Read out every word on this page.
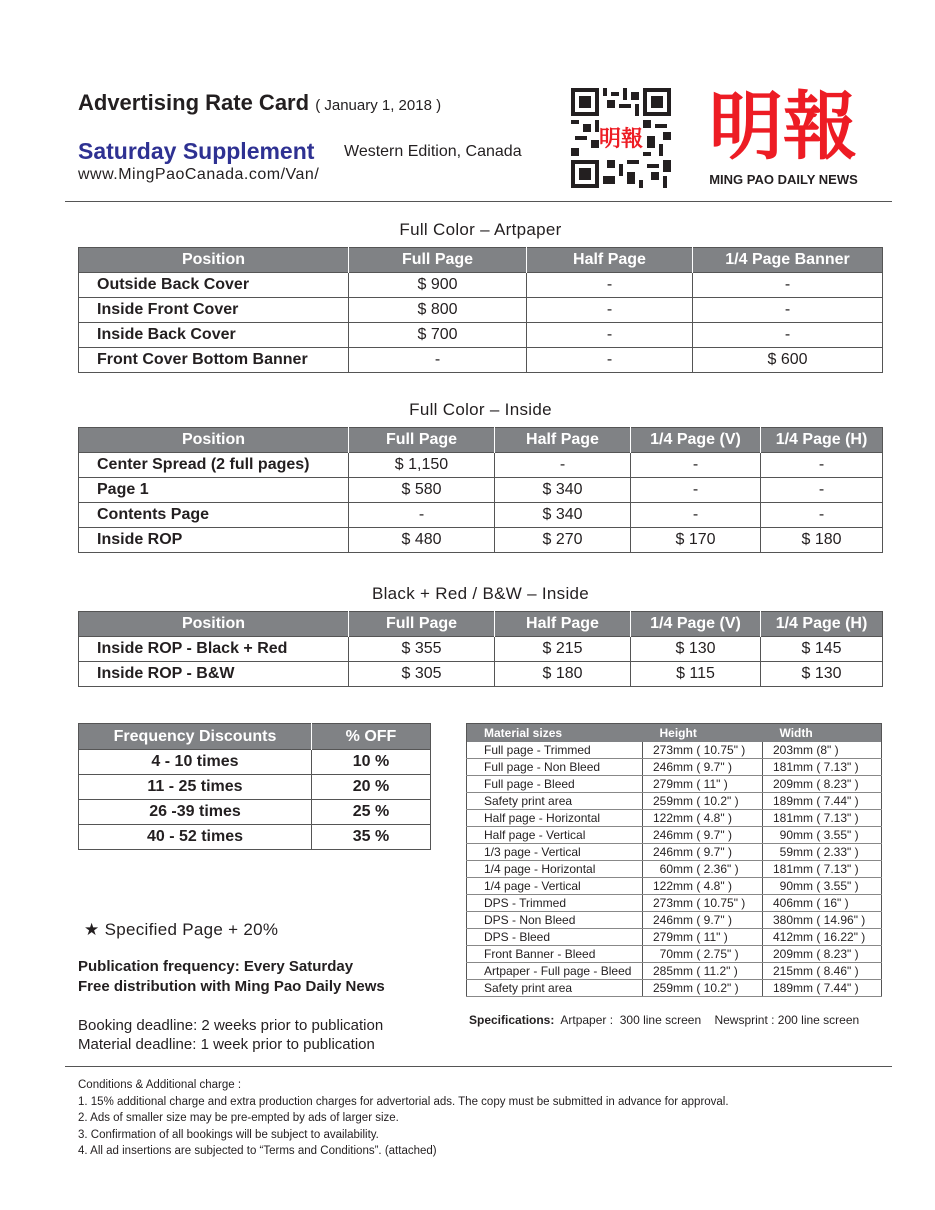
Advertising Rate Card ( January 1, 2018 )
Saturday Supplement Western Edition, Canada
www.MingPaoCanada.com/Van/
明報 明報
MING PAO DAILY NEWS
Full Color – Artpaper
Position	Full Page	Half Page	1/4 Page Banner
Outside Back Cover	$ 900	-	-
Inside Front Cover	$ 800	-	-
Inside Back Cover	$ 700	-	-
Front Cover Bottom Banner	-	-	$ 600
Full Color – Inside
Position	Full Page	Half Page	1/4 Page (V)	1/4 Page (H)
Center Spread (2 full pages)	$ 1,150	-	-	-
Page 1	$ 580	$ 340	-	-
Contents Page	-	$ 340	-	-
Inside ROP	$ 480	$ 270	$ 170	$ 180
Black + Red / B&W – Inside
Position	Full Page	Half Page	1/4 Page (V)	1/4 Page (H)
Inside ROP - Black + Red	$ 355	$ 215	$ 130	$ 145
Inside ROP - B&W	$ 305	$ 180	$ 115	$ 130
Frequency Discounts	% OFF
4 - 10 times	10 %
11 - 25 times	20 %
26 -39 times	25 %
40 - 52 times	35 %
Material sizes	Height	Width
Full page - Trimmed	273mm ( 10.75" )	203mm (8" )
Full page - Non Bleed	246mm ( 9.7" )	181mm ( 7.13" )
Full page - Bleed	279mm ( 11" )	209mm ( 8.23" )
Safety print area	259mm ( 10.2" )	189mm ( 7.44" )
Half page - Horizontal	122mm ( 4.8" )	181mm ( 7.13" )
Half page - Vertical	246mm ( 9.7" )	90mm ( 3.55" )
1/3 page - Vertical	246mm ( 9.7" )	59mm ( 2.33" )
1/4 page - Horizontal	60mm ( 2.36" )	181mm ( 7.13" )
1/4 page - Vertical	122mm ( 4.8" )	90mm ( 3.55" )
DPS - Trimmed	273mm ( 10.75" )	406mm ( 16" )
DPS - Non Bleed	246mm ( 9.7" )	380mm ( 14.96" )
DPS - Bleed	279mm ( 11" )	412mm ( 16.22" )
Front Banner - Bleed	70mm ( 2.75" )	209mm ( 8.23" )
Artpaper - Full page - Bleed	285mm ( 11.2" )	215mm ( 8.46" )
Safety print area	259mm ( 10.2" )	189mm ( 7.44" )
★ Specified Page + 20%
Publication frequency: Every Saturday
Free distribution with Ming Pao Daily News
Booking deadline: 2 weeks prior to publication
Material deadline: 1 week prior to publication
Specifications: Artpaper :  300 line screen    Newsprint : 200 line screen
Conditions & Additional charge :
1. 15% additional charge and extra production charges for advertorial ads. The copy must be submitted in advance for approval.
2. Ads of smaller size may be pre-empted by ads of larger size.
3. Confirmation of all bookings will be subject to availability.
4. All ad insertions are subjected to “Terms and Conditions”. (attached)
